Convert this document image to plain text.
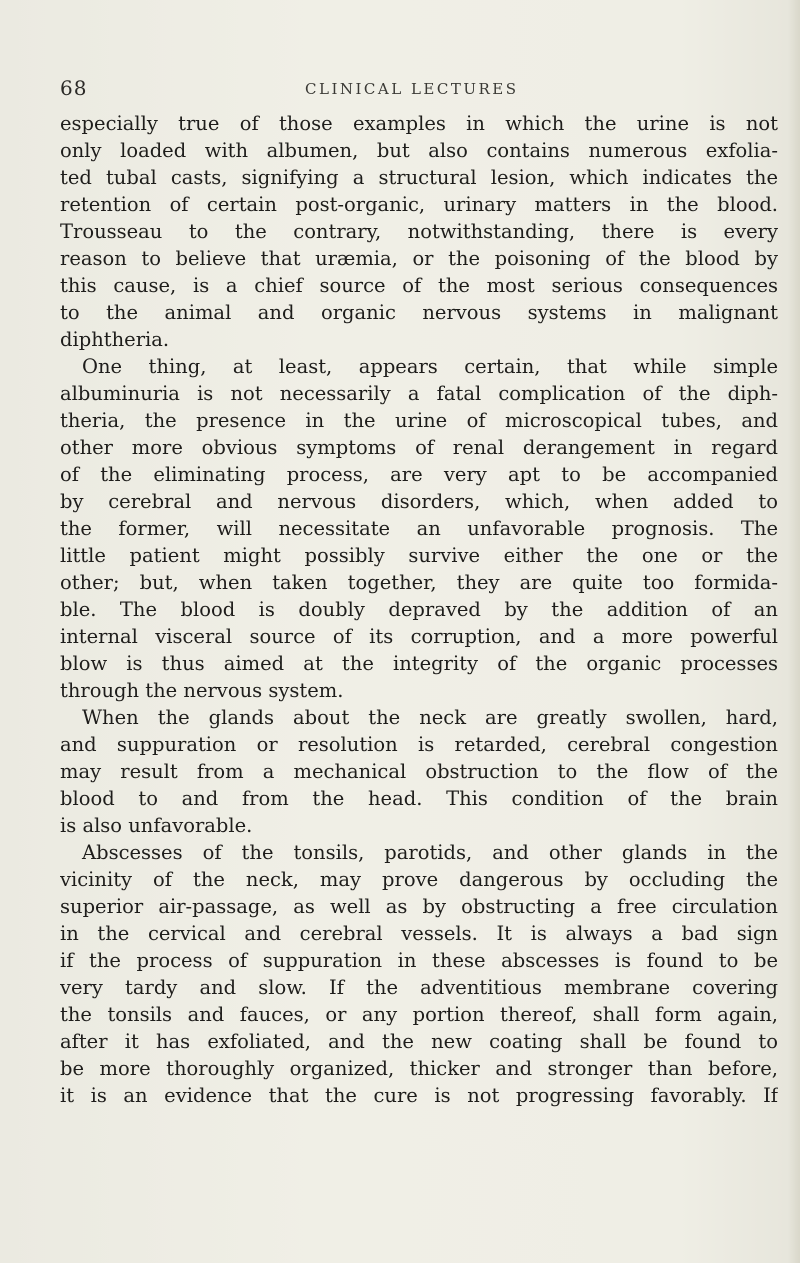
68	CLINICAL LECTURES
especially true of those examples in which the urine is not
only loaded with albumen, but also contains numerous exfolia-
ted tubal casts, signifying a structural lesion, which indicates the
retention of certain post-organic, urinary matters in the blood.
Trousseau to the contrary, notwithstanding, there is every
reason to believe that uræmia, or the poisoning of the blood by
this cause, is a chief source of the most serious consequences
to the animal and organic nervous systems in malignant
diphtheria.
One thing, at least, appears certain, that while simple
albuminuria is not necessarily a fatal complication of the diph-
theria, the presence in the urine of microscopical tubes, and
other more obvious symptoms of renal derangement in regard
of the eliminating process, are very apt to be accompanied
by cerebral and nervous disorders, which, when added to
the former, will necessitate an unfavorable prognosis. The
little patient might possibly survive either the one or the
other; but, when taken together, they are quite too formida-
ble. The blood is doubly depraved by the addition of an
internal visceral source of its corruption, and a more powerful
blow is thus aimed at the integrity of the organic processes
through the nervous system.
When the glands about the neck are greatly swollen, hard,
and suppuration or resolution is retarded, cerebral congestion
may result from a mechanical obstruction to the flow of the
blood to and from the head. This condition of the brain
is also unfavorable.
Abscesses of the tonsils, parotids, and other glands in the
vicinity of the neck, may prove dangerous by occluding the
superior air-passage, as well as by obstructing a free circulation
in the cervical and cerebral vessels. It is always a bad sign
if the process of suppuration in these abscesses is found to be
very tardy and slow. If the adventitious membrane covering
the tonsils and fauces, or any portion thereof, shall form again,
after it has exfoliated, and the new coating shall be found to
be more thoroughly organized, thicker and stronger than before,
it is an evidence that the cure is not progressing favorably. If
